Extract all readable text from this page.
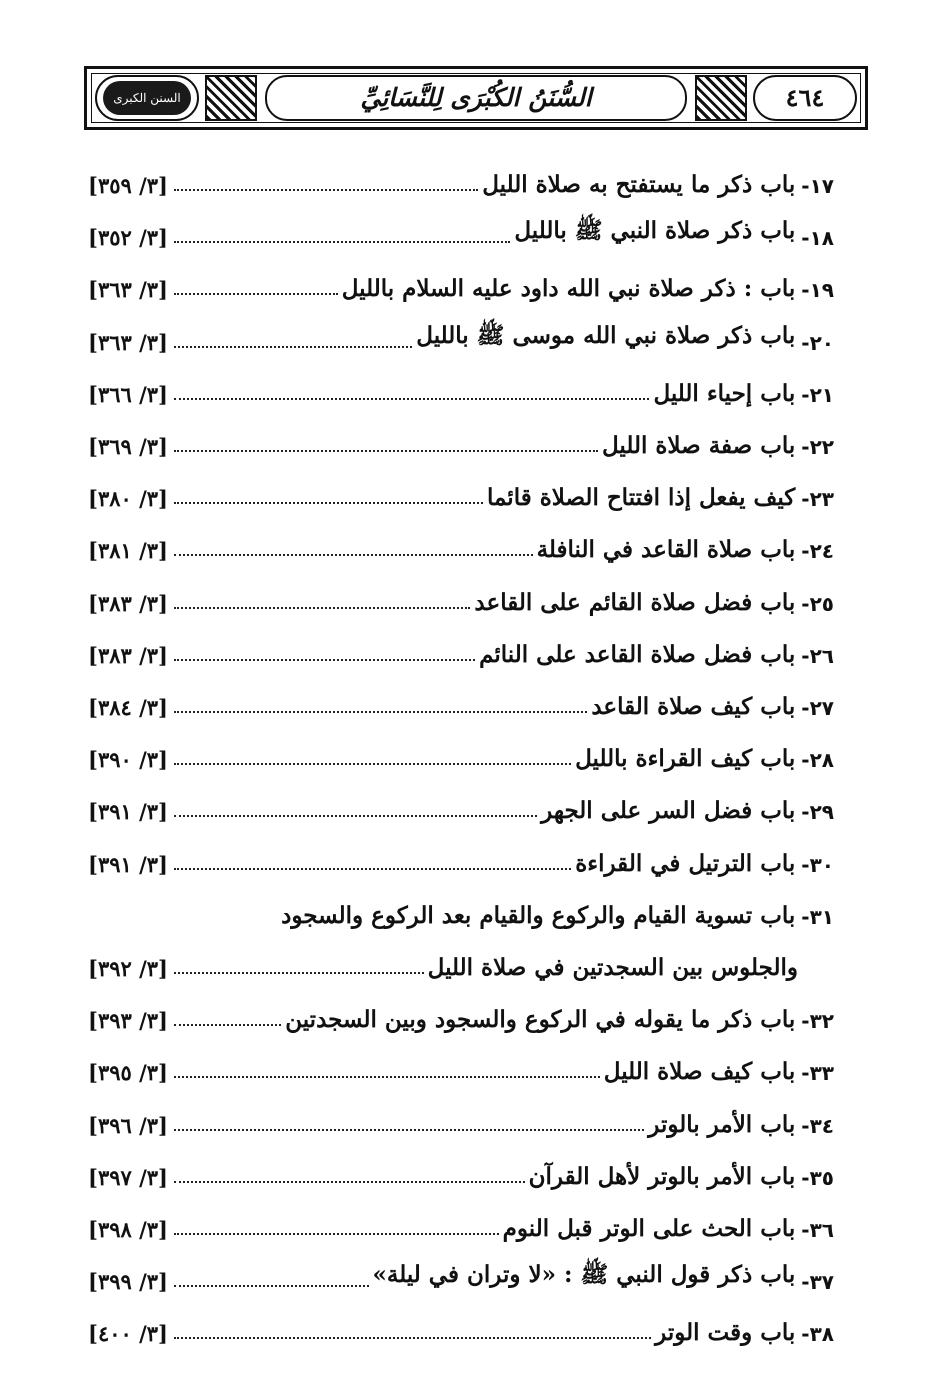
السنن الكبرى	السُّنَنُ الكُبْرَى لِلنَّسَائِيِّ	٤٦٤
١٧-
باب ذكر ما يستفتح به صلاة الليل
[٣/ ٣٥٩]
١٨-
باب ذكر صلاة النبي ﷺ بالليل
[٣/ ٣٥٢]
١٩-
باب : ذكر صلاة نبي الله داود عليه السلام بالليل
[٣/ ٣٦٣]
٢٠-
باب ذكر صلاة نبي الله موسى ﷺ بالليل
[٣/ ٣٦٣]
٢١-
باب إحياء الليل
[٣/ ٣٦٦]
٢٢-
باب صفة صلاة الليل
[٣/ ٣٦٩]
٢٣-
كيف يفعل إذا افتتاح الصلاة قائما
[٣/ ٣٨٠]
٢٤-
باب صلاة القاعد في النافلة
[٣/ ٣٨١]
٢٥-
باب فضل صلاة القائم على القاعد
[٣/ ٣٨٣]
٢٦-
باب فضل صلاة القاعد على النائم
[٣/ ٣٨٣]
٢٧-
باب كيف صلاة القاعد
[٣/ ٣٨٤]
٢٨-
باب كيف القراءة بالليل
[٣/ ٣٩٠]
٢٩-
باب فضل السر على الجهر
[٣/ ٣٩١]
٣٠-
باب الترتيل في القراءة
[٣/ ٣٩١]
٣١-
باب تسوية القيام والركوع والقيام بعد الركوع والسجود
والجلوس بين السجدتين في صلاة الليل
[٣/ ٣٩٢]
٣٢-
باب ذكر ما يقوله في الركوع والسجود وبين السجدتين
[٣/ ٣٩٣]
٣٣-
باب كيف صلاة الليل
[٣/ ٣٩٥]
٣٤-
باب الأمر بالوتر
[٣/ ٣٩٦]
٣٥-
باب الأمر بالوتر لأهل القرآن
[٣/ ٣٩٧]
٣٦-
باب الحث على الوتر قبل النوم
[٣/ ٣٩٨]
٣٧-
باب ذكر قول النبي ﷺ : «لا وتران في ليلة»
[٣/ ٣٩٩]
٣٨-
باب وقت الوتر
[٣/ ٤٠٠]
